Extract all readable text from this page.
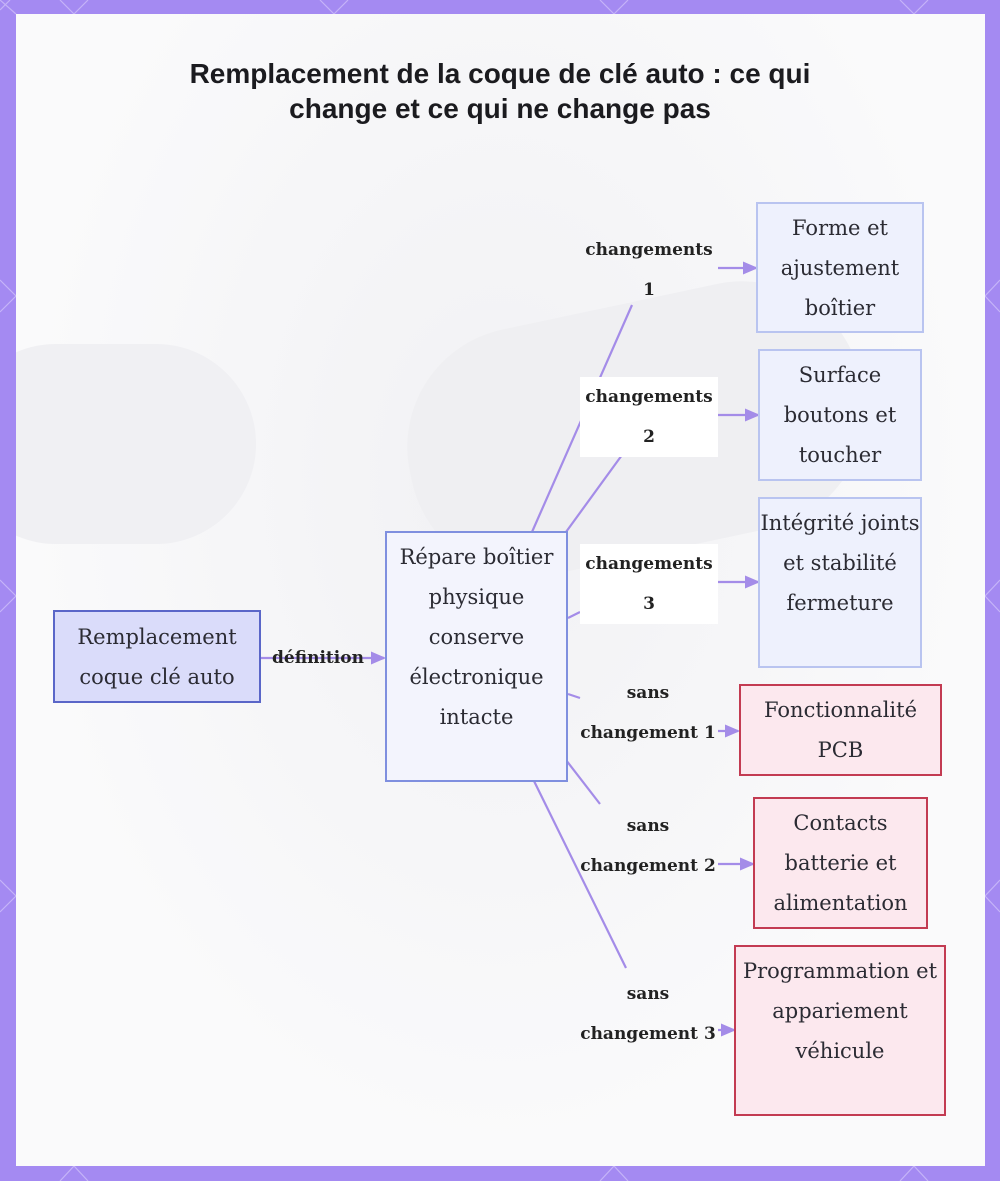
Remplacement de la coque de clé auto : ce qui change et ce qui ne change pas
Remplacement coque clé auto
Répare boîtier physique conserve électronique intacte
Forme et ajustement boîtier
Surface boutons et toucher
Intégrité joints et stabilité fermeture
Fonctionnalité PCB
Contacts batterie et alimentation
Programmation et appariement véhicule
définition
changements 1
changements 2
changements 3
sans changement 1
sans changement 2
sans changement 3
